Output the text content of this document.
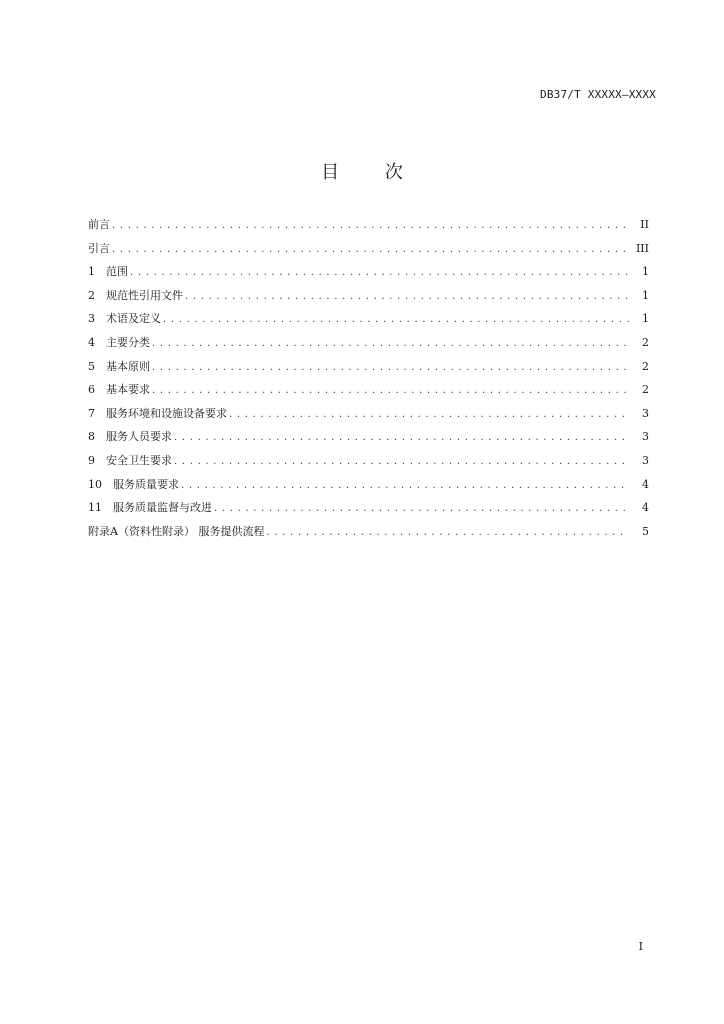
DB37/T XXXXX—XXXX
目 次
前言 . . .	II
引言 . . .	III
1 范围 . . .	1
2 规范性引用文件 . . .	1
3 术语及定义 . . .	1
4 主要分类 . . .	2
5 基本原则 . . .	2
6 基本要求 . . .	2
7 服务环境和设施设备要求 . . .	3
8 服务人员要求 . . .	3
9 安全卫生要求 . . .	3
10 服务质量要求 . . .	4
11 服务质量监督与改进 . . .	4
附录A（资料性附录） 服务提供流程 . . .	5
I
